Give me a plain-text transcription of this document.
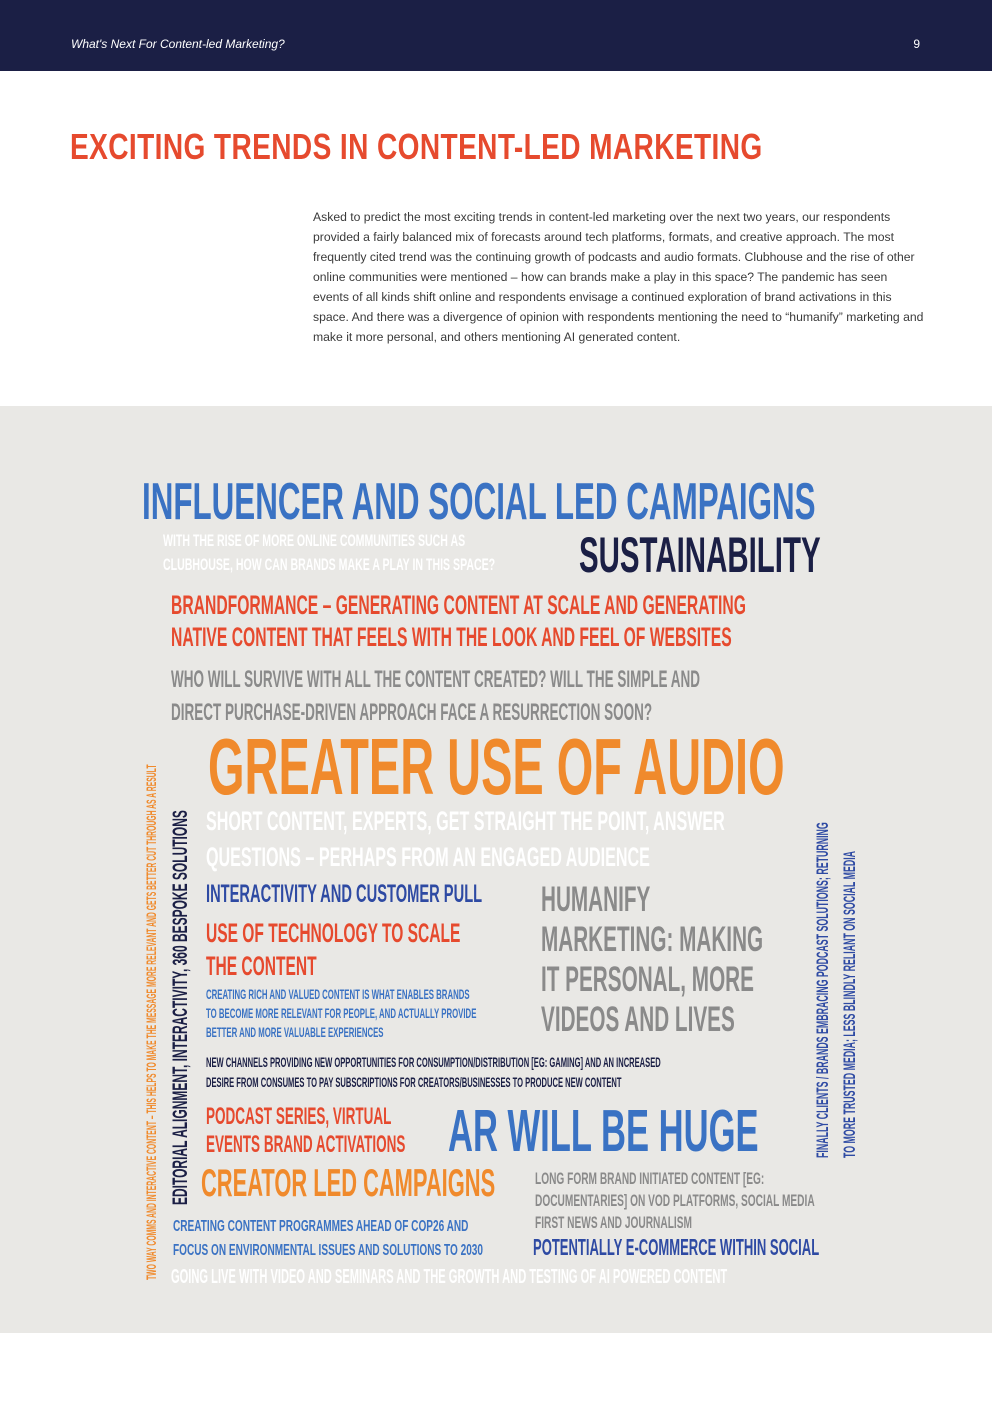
What's Next For Content-led Marketing?	9
EXCITING TRENDS IN CONTENT-LED MARKETING
Asked to predict the most exciting trends in content-led marketing over the next two years, our respondents provided a fairly balanced mix of forecasts around tech platforms, formats, and creative approach. The most frequently cited trend was the continuing growth of podcasts and audio formats. Clubhouse and the rise of other online communities were mentioned – how can brands make a play in this space? The pandemic has seen events of all kinds shift online and respondents envisage a continued exploration of brand activations in this space. And there was a divergence of opinion with respondents mentioning the need to “humanify” marketing and make it more personal, and others mentioning AI generated content.
INFLUENCER AND SOCIAL LED CAMPAIGNS
WITH THE RISE OF MORE ONLINE COMMUNITIES SUCH AS
CLUBHOUSE, HOW CAN BRANDS MAKE A PLAY IN THIS SPACE? SUSTAINABILITY
BRANDFORMANCE – GENERATING CONTENT AT SCALE AND GENERATING
NATIVE CONTENT THAT FEELS WITH THE LOOK AND FEEL OF WEBSITES
WHO WILL SURVIVE WITH ALL THE CONTENT CREATED? WILL THE SIMPLE AND
DIRECT PURCHASE-DRIVEN APPROACH FACE A RESURRECTION SOON?
GREATER USE OF AUDIO
SHORT CONTENT, EXPERTS, GET STRAIGHT THE POINT, ANSWER
QUESTIONS – PERHAPS FROM AN ENGAGED AUDIENCE
INTERACTIVITY AND CUSTOMER PULL
USE OF TECHNOLOGY TO SCALE
THE CONTENT
CREATING RICH AND VALUED CONTENT IS WHAT ENABLES BRANDS
TO BECOME MORE RELEVANT FOR PEOPLE, AND ACTUALLY PROVIDE
BETTER AND MORE VALUABLE EXPERIENCES
HUMANIFY
MARKETING: MAKING
IT PERSONAL, MORE
VIDEOS AND LIVES
NEW CHANNELS PROVIDING NEW OPPORTUNITIES FOR CONSUMPTION/DISTRIBUTION [EG: GAMING] AND AN INCREASED
DESIRE FROM CONSUMES TO PAY SUBSCRIPTIONS FOR CREATORS/BUSINESSES TO PRODUCE NEW CONTENT
PODCAST SERIES, VIRTUAL
EVENTS BRAND ACTIVATIONS AR WILL BE HUGE
CREATOR LED CAMPAIGNS LONG FORM BRAND INITIATED CONTENT [EG:
DOCUMENTARIES] ON VOD PLATFORMS, SOCIAL MEDIA
FIRST NEWS AND JOURNALISM
CREATING CONTENT PROGRAMMES AHEAD OF COP26 AND
FOCUS ON ENVIRONMENTAL ISSUES AND SOLUTIONS TO 2030 POTENTIALLY E-COMMERCE WITHIN SOCIAL
GOING LIVE WITH VIDEO AND SEMINARS AND THE GROWTH AND TESTING OF AI POWERED CONTENT
TWO WAY COMMS AND INTERACTIVE CONTENT – THIS HELPS TO MAKE THE MESSAGE MORE RELEVANT AND GETS BETTER CUT THROUGH AS A RESULT EDITORIAL ALIGNMENT, INTERACTIVITY, 360 BESPOKE SOLUTIONS	FINALLY CLIENTS / BRANDS EMBRACING PODCAST SOLUTIONS; RETURNING TO MORE TRUSTED MEDIA; LESS BLINDLY RELIANT ON SOCIAL MEDIA
